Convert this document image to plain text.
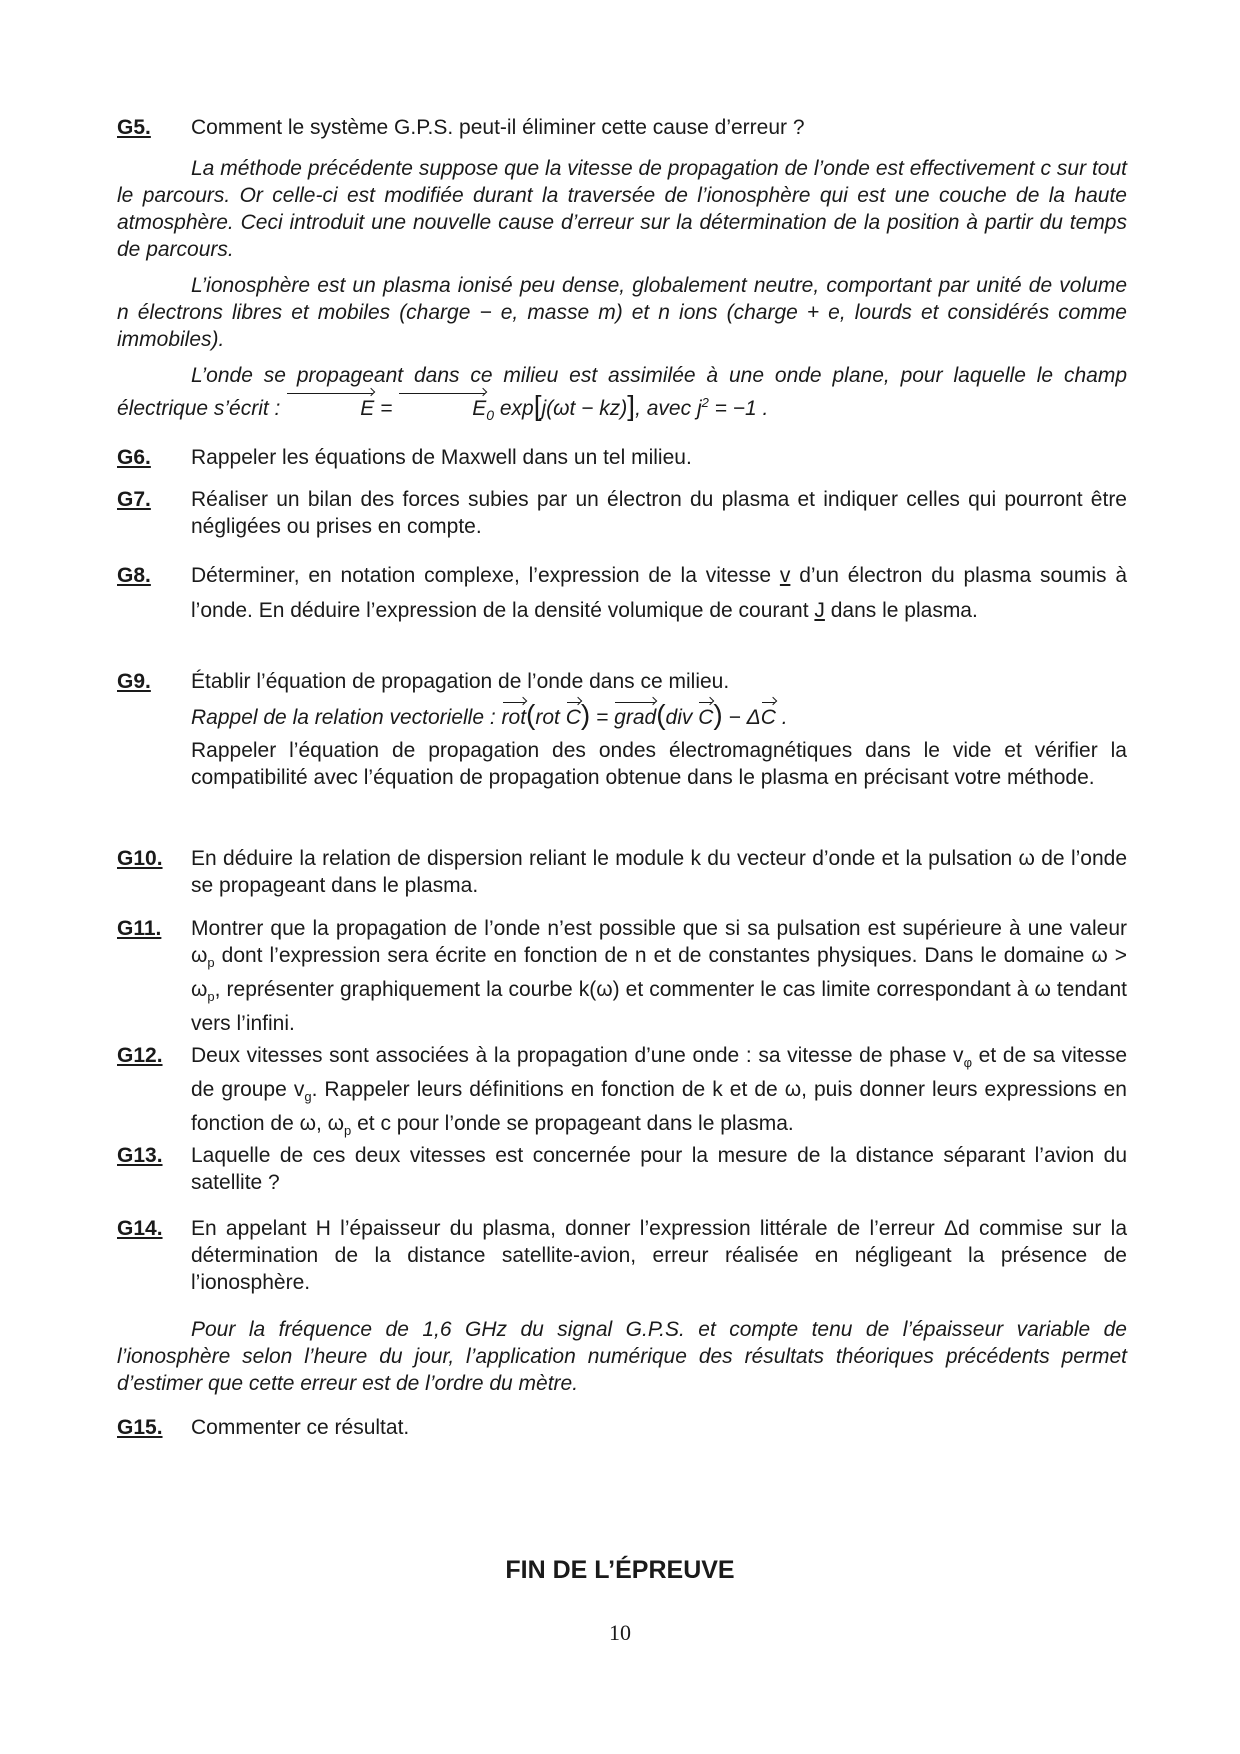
G5. Comment le système G.P.S. peut-il éliminer cette cause d’erreur ?
La méthode précédente suppose que la vitesse de propagation de l’onde est effectivement c sur tout le parcours. Or celle-ci est modifiée durant la traversée de l’ionosphère qui est une couche de la haute atmosphère. Ceci introduit une nouvelle cause d’erreur sur la détermination de la position à partir du temps de parcours.
L’ionosphère est un plasma ionisé peu dense, globalement neutre, comportant par unité de volume n électrons libres et mobiles (charge − e, masse m) et n ions (charge + e, lourds et considérés comme immobiles).
L’onde se propageant dans ce milieu est assimilée à une onde plane, pour laquelle le champ électrique s’écrit :	E =	$E_0$ exp[j(ωt − kz)], avec $j^2 = -1$ .
G6. Rappeler les équations de Maxwell dans un tel milieu.
G7. Réaliser un bilan des forces subies par un électron du plasma et indiquer celles qui pourront être négligées ou prises en compte.
G8. Déterminer, en notation complexe, l’expression de la vitesse v d’un électron du plasma soumis à l’onde. En déduire l’expression de la densité volumique de courant J dans le plasma.
G9. Établir l’équation de propagation de l’onde dans ce milieu.
Rappel de la relation vectorielle : rot(rot C) = grad(div C) − ΔC .
Rappeler l’équation de propagation des ondes électromagnétiques dans le vide et vérifier la compatibilité avec l’équation de propagation obtenue dans le plasma en précisant votre méthode.
G10. En déduire la relation de dispersion reliant le module k du vecteur d’onde et la pulsation ω de l’onde se propageant dans le plasma.
G11. Montrer que la propagation de l’onde n’est possible que si sa pulsation est supérieure à une valeur $\omega_p$ dont l’expression sera écrite en fonction de n et de constantes physiques. Dans le domaine $\omega > \omega_p$, représenter graphiquement la courbe k(ω) et commenter le cas limite correspondant à ω tendant vers l’infini.
G12. Deux vitesses sont associées à la propagation d’une onde : sa vitesse de phase $v_\varphi$ et de sa vitesse de groupe $v_g$. Rappeler leurs définitions en fonction de k et de ω, puis donner leurs expressions en fonction de ω, $\omega_p$ et c pour l’onde se propageant dans le plasma.
G13. Laquelle de ces deux vitesses est concernée pour la mesure de la distance séparant l’avion du satellite ?
G14. En appelant H l’épaisseur du plasma, donner l’expression littérale de l’erreur Δd commise sur la détermination de la distance satellite-avion, erreur réalisée en négligeant la présence de l’ionosphère.
Pour la fréquence de 1,6 GHz du signal G.P.S. et compte tenu de l’épaisseur variable de l’ionosphère selon l’heure du jour, l’application numérique des résultats théoriques précédents permet d’estimer que cette erreur est de l’ordre du mètre.
G15. Commenter ce résultat.
FIN DE L’ÉPREUVE
10
